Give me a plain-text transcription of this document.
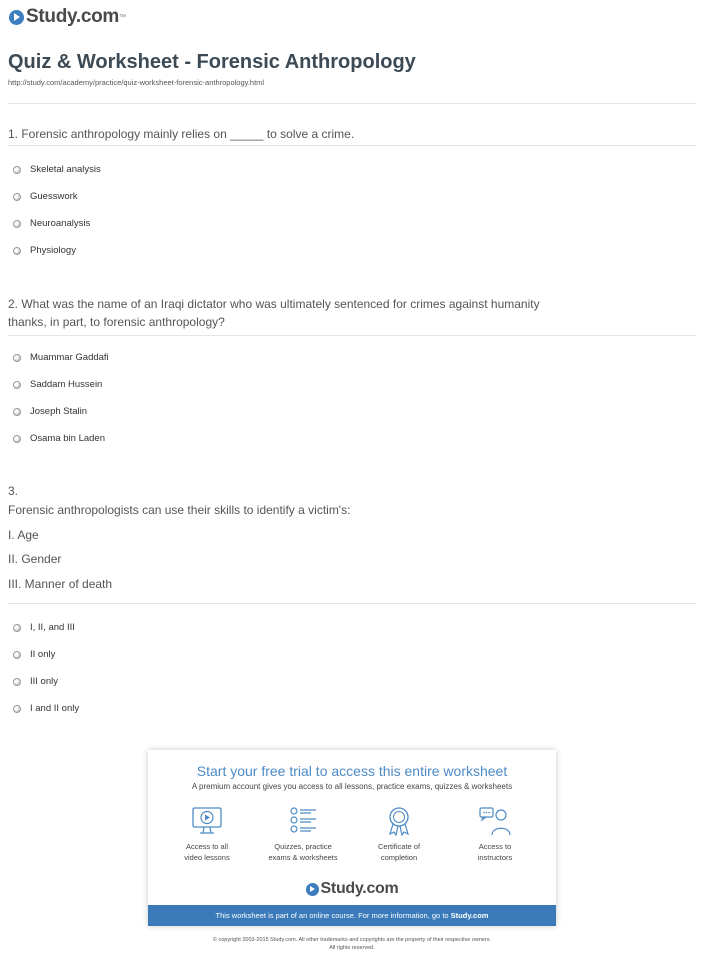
Study.com ™
Quiz & Worksheet - Forensic Anthropology
http://study.com/academy/practice/quiz-worksheet-forensic-anthropology.html
1. Forensic anthropology mainly relies on _____ to solve a crime.
Skeletal analysis
Guesswork
Neuroanalysis
Physiology
2. What was the name of an Iraqi dictator who was ultimately sentenced for crimes against humanity
thanks, in part, to forensic anthropology?
Muammar Gaddafi
Saddam Hussein
Joseph Stalin
Osama bin Laden
3.
Forensic anthropologists can use their skills to identify a victim's:
I. Age
II. Gender
III. Manner of death
I, II, and III
II only
III only
I and II only
Start your free trial to access this entire worksheet
A premium account gives you access to all lessons, practice exams, quizzes & worksheets
Access to all
video lessons
Quizzes, practice
exams & worksheets
Certificate of
completion
Access to
instructors
Study.com
This worksheet is part of an online course. For more information, go to Study.com
© copyright 2003-2015 Study.com. All other trademarks and copyrights are the property of their respective owners.
All rights reserved.
